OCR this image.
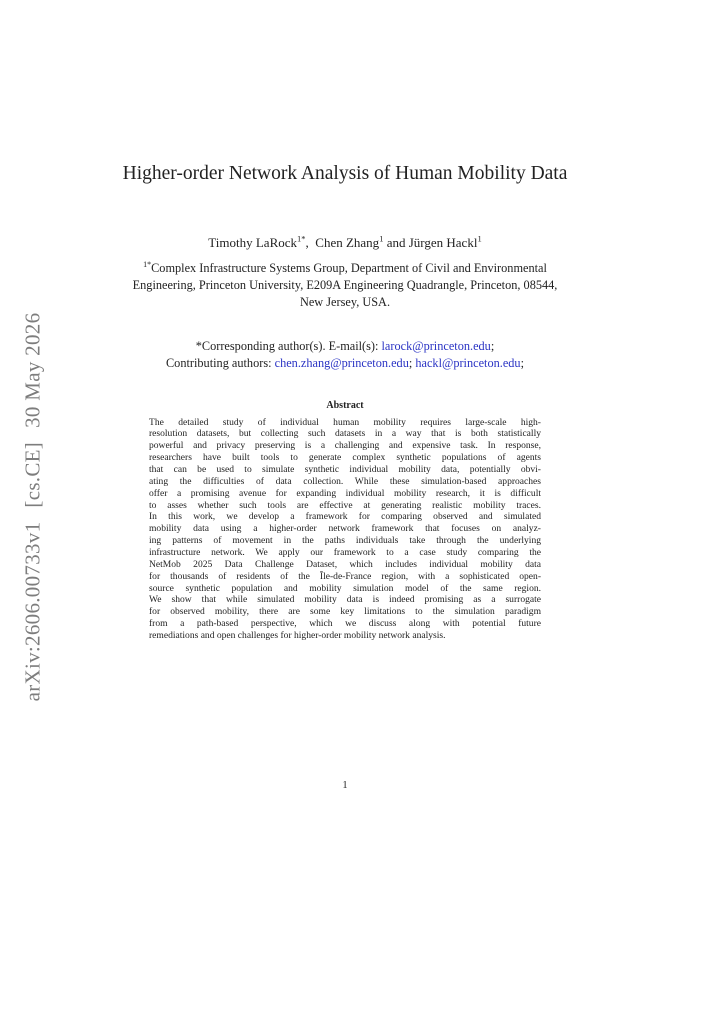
arXiv:2606.00733v1[cs.CE]30 May 2026
Higher-order Network Analysis of Human Mobility Data
Timothy LaRock$^{1*}$,  Chen Zhang$^1$ and Jürgen Hackl$^1$
$^{1*}$Complex Infrastructure Systems Group, Department of Civil and Environmental Engineering, Princeton University, E209A Engineering Quadrangle, Princeton, 08544, New Jersey, USA.
*Corresponding author(s). E-mail(s): larock@princeton.edu;
Contributing authors: chen.zhang@princeton.edu; hackl@princeton.edu;
Abstract
The detailed study of individual human mobility requires large-scale high-
resolution datasets, but collecting such datasets in a way that is both statistically
powerful and privacy preserving is a challenging and expensive task. In response,
researchers have built tools to generate complex synthetic populations of agents
that can be used to simulate synthetic individual mobility data, potentially obvi-
ating the difficulties of data collection. While these simulation-based approaches
offer a promising avenue for expanding individual mobility research, it is difficult
to asses whether such tools are effective at generating realistic mobility traces.
In this work, we develop a framework for comparing observed and simulated
mobility data using a higher-order network framework that focuses on analyz-
ing patterns of movement in the paths individuals take through the underlying
infrastructure network. We apply our framework to a case study comparing the
NetMob 2025 Data Challenge Dataset, which includes individual mobility data
for thousands of residents of the Île-de-France region, with a sophisticated open-
source synthetic population and mobility simulation model of the same region.
We show that while simulated mobility data is indeed promising as a surrogate
for observed mobility, there are some key limitations to the simulation paradigm
from a path-based perspective, which we discuss along with potential future
remediations and open challenges for higher-order mobility network analysis.
1
